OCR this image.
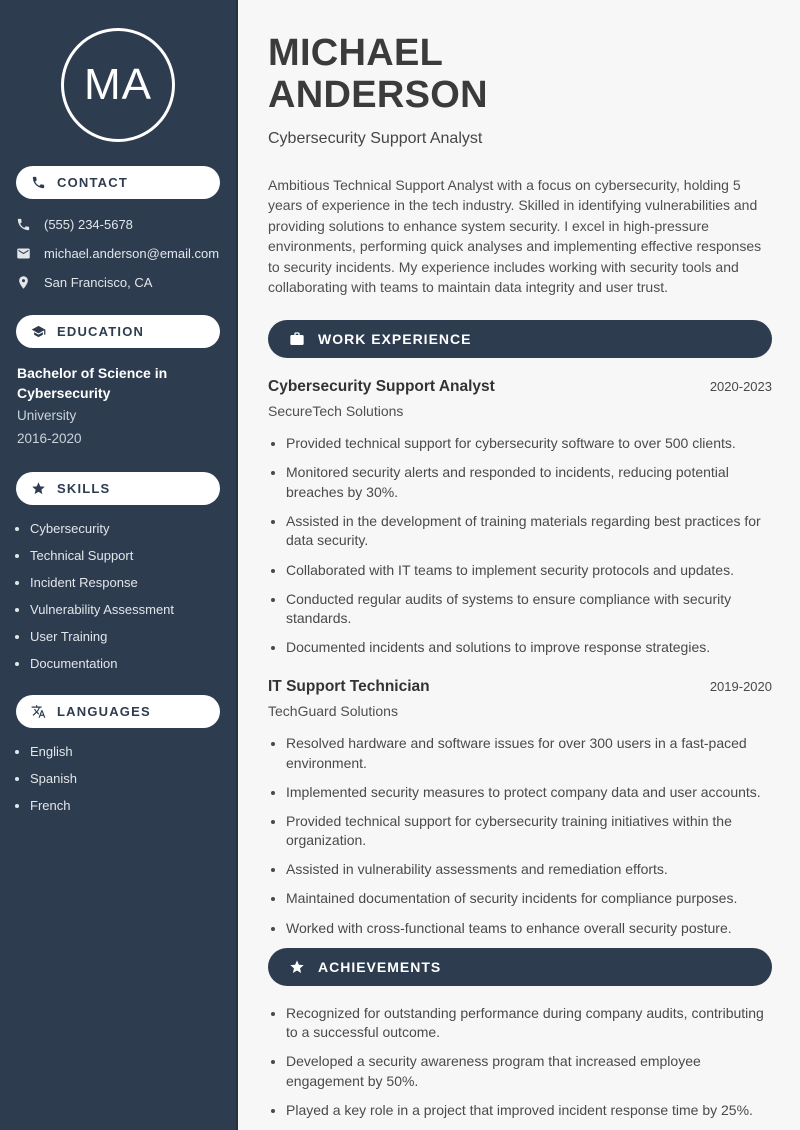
MA
CONTACT
(555) 234-5678
michael.anderson@email.com
San Francisco, CA
EDUCATION
Bachelor of Science in Cybersecurity
University
2016-2020
SKILLS
• Cybersecurity
• Technical Support
• Incident Response
• Vulnerability Assessment
• User Training
• Documentation
LANGUAGES
• English
• Spanish
• French
MICHAEL
ANDERSON
Cybersecurity Support Analyst

Ambitious Technical Support Analyst with a focus on cybersecurity, holding 5 years of experience in the tech industry. Skilled in identifying vulnerabilities and providing solutions to enhance system security. I excel in high-pressure environments, performing quick analyses and implementing effective responses to security incidents. My experience includes working with security tools and collaborating with teams to maintain data integrity and user trust.

WORK EXPERIENCE
Cybersecurity Support Analyst	2020-2023
SecureTech Solutions
• Provided technical support for cybersecurity software to over 500 clients.
• Monitored security alerts and responded to incidents, reducing potential breaches by 30%.
• Assisted in the development of training materials regarding best practices for data security.
• Collaborated with IT teams to implement security protocols and updates.
• Conducted regular audits of systems to ensure compliance with security standards.
• Documented incidents and solutions to improve response strategies.
IT Support Technician	2019-2020
TechGuard Solutions
• Resolved hardware and software issues for over 300 users in a fast-paced environment.
• Implemented security measures to protect company data and user accounts.
• Provided technical support for cybersecurity training initiatives within the organization.
• Assisted in vulnerability assessments and remediation efforts.
• Maintained documentation of security incidents for compliance purposes.
• Worked with cross-functional teams to enhance overall security posture.
ACHIEVEMENTS
• Recognized for outstanding performance during company audits, contributing to a successful outcome.
• Developed a security awareness program that increased employee engagement by 50%.
• Played a key role in a project that improved incident response time by 25%.
